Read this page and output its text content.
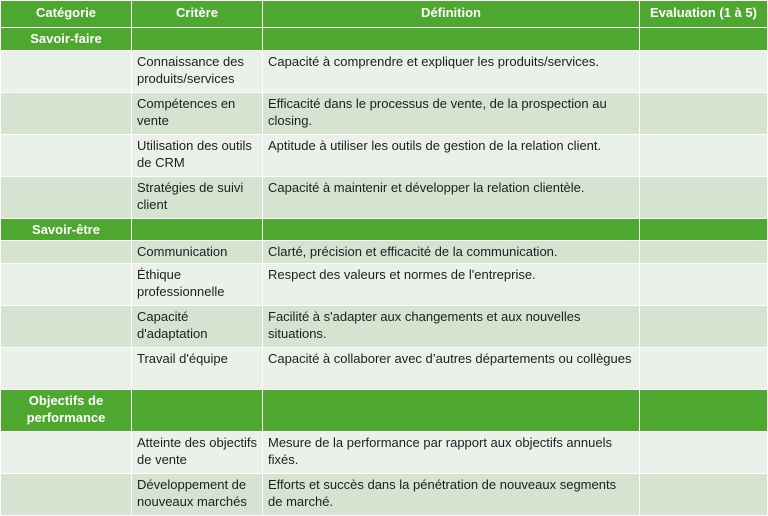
Catégorie	Critère	Définition	Evaluation (1 à 5)
Savoir-faire			
	Connaissance des produits/services	Capacité à comprendre et expliquer les produits/services.	
	Compétences en vente	Efficacité dans le processus de vente, de la prospection au closing.	
	Utilisation des outils de CRM	Aptitude à utiliser les outils de gestion de la relation client.	
	Stratégies de suivi client	Capacité à maintenir et développer la relation clientèle.	
Savoir-être			
	Communication	Clarté, précision et efficacité de la communication.	
	Éthique professionnelle	Respect des valeurs et normes de l'entreprise.	
	Capacité d'adaptation	Facilité à s'adapter aux changements et aux nouvelles situations.	
	Travail d'équipe	Capacité à collaborer avec d’autres départements ou collègues	
Objectifs de performance			
	Atteinte des objectifs de vente	Mesure de la performance par rapport aux objectifs annuels fixés.	
	Développement de nouveaux marchés	Efforts et succès dans la pénétration de nouveaux segments de marché.	
